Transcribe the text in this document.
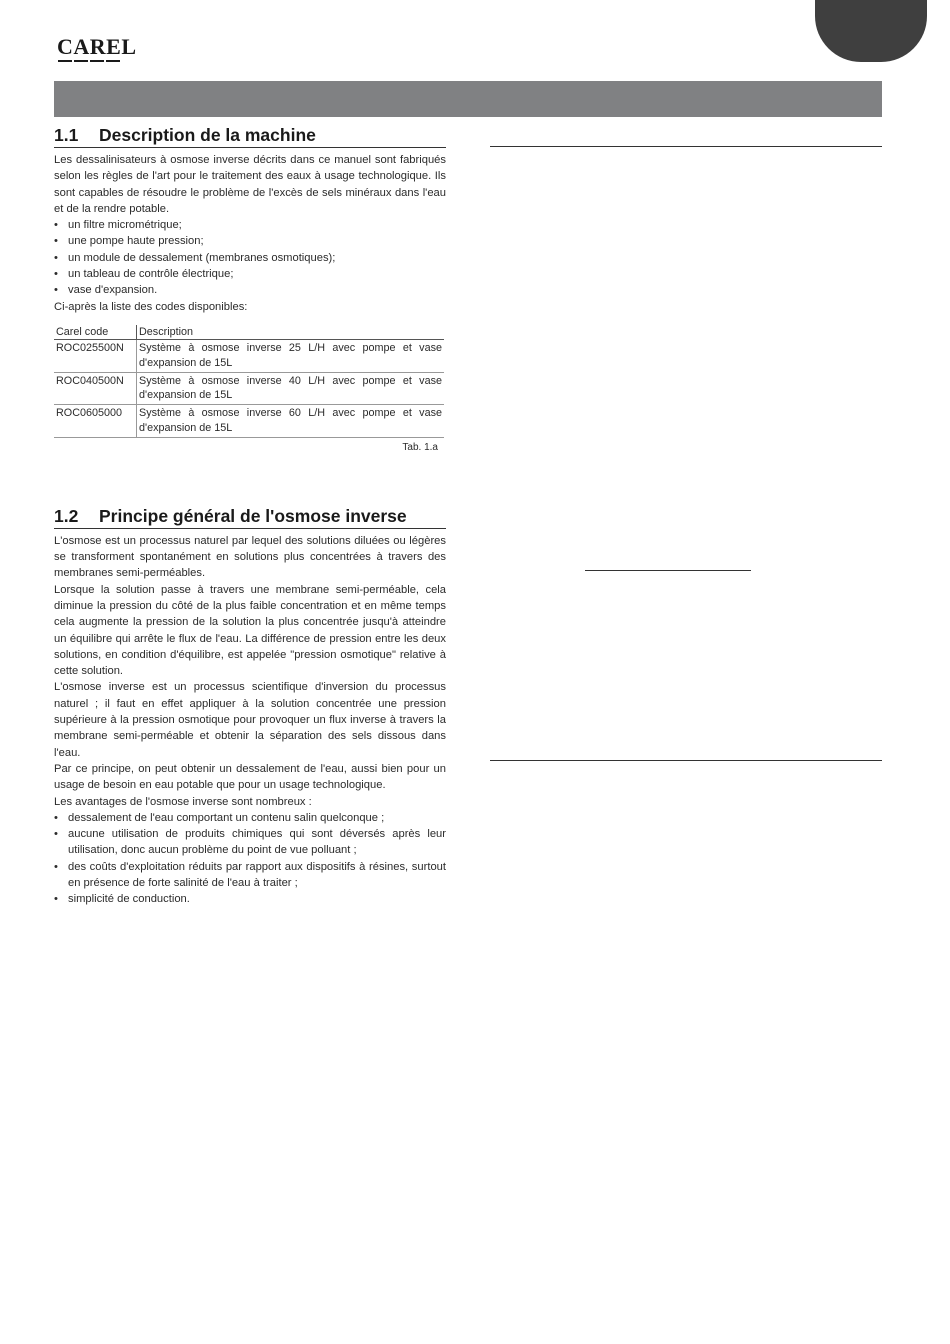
CAREL
1.1 Description de la machine

Les dessalinisateurs à osmose inverse décrits dans ce manuel sont fabriqués selon les règles de l'art pour le traitement des eaux à usage technologique. Ils sont capables de résoudre le problème de l'excès de sels minéraux dans l'eau et de la rendre potable.

• un filtre micrométrique;
• une pompe haute pression;
• un module de dessalement (membranes osmotiques);
• un tableau de contrôle électrique;
• vase d'expansion.

Ci-après la liste des codes disponibles:

Carel code	Description
ROC025500N	Système à osmose inverse 25 L/H avec pompe et vase d'expansion de 15L
ROC040500N	Système à osmose inverse 40 L/H avec pompe et vase d'expansion de 15L
ROC0605000	Système à osmose inverse 60 L/H avec pompe et vase d'expansion de 15L
Tab. 1.a
1.2 Principe général de l'osmose inverse

L'osmose est un processus naturel par lequel des solutions diluées ou légères se transforment spontanément en solutions plus concentrées à travers des membranes semi-perméables.

Lorsque la solution passe à travers une membrane semi-perméable, cela diminue la pression du côté de la plus faible concentration et en même temps cela augmente la pression de la solution la plus concentrée jusqu'à atteindre un équilibre qui arrête le flux de l'eau. La différence de pression entre les deux solutions, en condition d'équilibre, est appelée "pression osmotique" relative à cette solution.

L'osmose inverse est un processus scientifique d'inversion du processus naturel ; il faut en effet appliquer à la solution concentrée une pression supérieure à la pression osmotique pour provoquer un flux inverse à travers la membrane semi-perméable et obtenir la séparation des sels dissous dans l'eau.

Par ce principe, on peut obtenir un dessalement de l'eau, aussi bien pour un usage de besoin en eau potable que pour un usage technologique.

Les avantages de l'osmose inverse sont nombreux :

• dessalement de l'eau comportant un contenu salin quelconque ;
• aucune utilisation de produits chimiques qui sont déversés après leur utilisation, donc aucun problème du point de vue polluant ;
• des coûts d'exploitation réduits par rapport aux dispositifs à résines, surtout en présence de forte salinité de l'eau à traiter ;
• simplicité de conduction.
